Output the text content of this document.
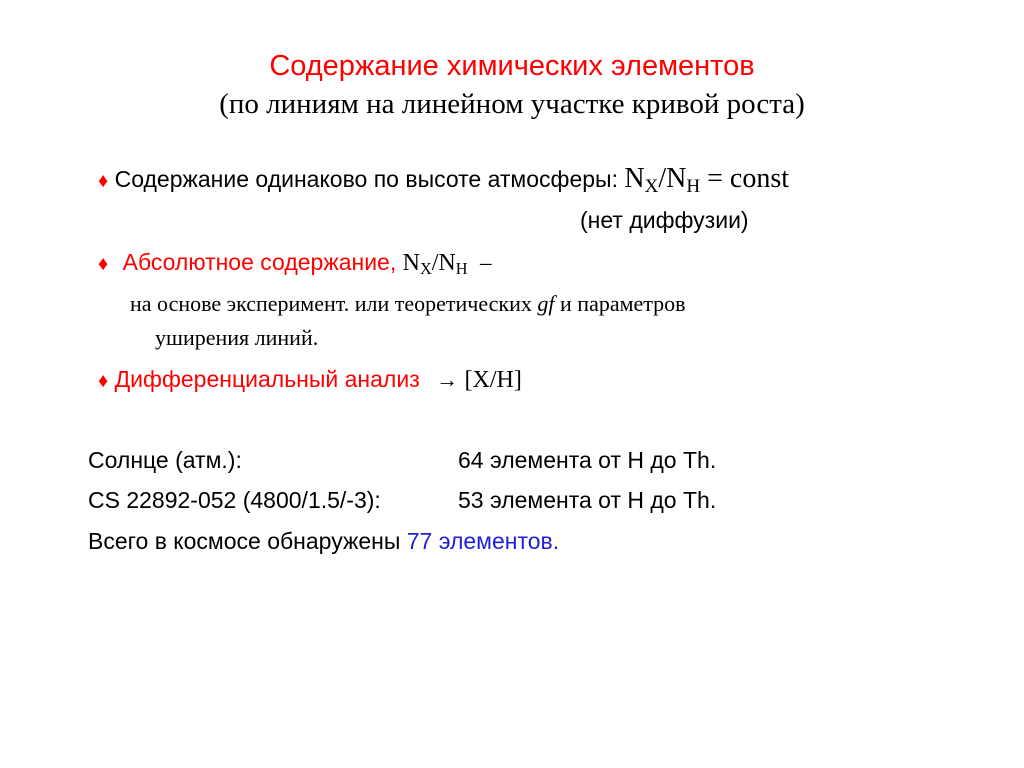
Содержание химических элементов
(по линиям на линейном участке кривой роста)
♦ Содержание одинаково по высоте атмосферы: $N_X/N_H$ = const
(нет диффузии)
♦ Абсолютное содержание, $N_X/N_H$ –
на основе эксперимент. или теоретических gf и параметров
уширения линий.
♦ Дифференциальный анализ → [X/H]
Солнце (атм.):	64 элемента от H до Th.
CS 22892-052 (4800/1.5/-3):	53 элемента от H до Th.
Всего в космосе обнаружены 77 элементов.
